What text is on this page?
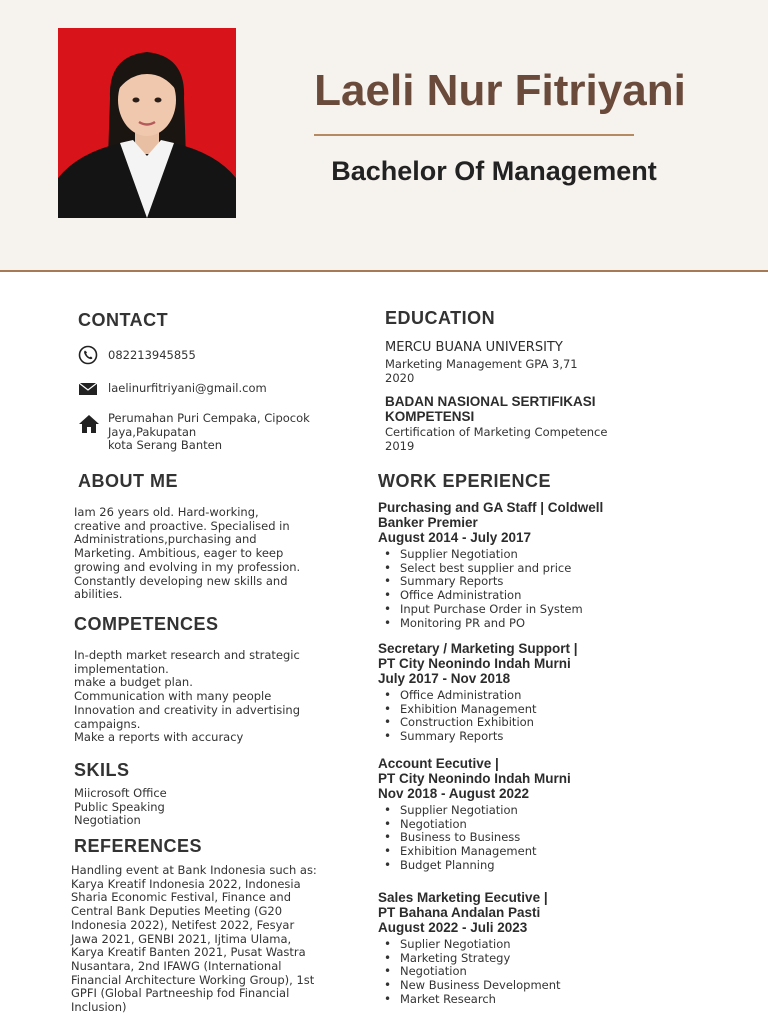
Laeli Nur Fitriyani
Bachelor Of Management
CONTACT
082213945855
laelinurfitriyani@gmail.com
Perumahan Puri Cempaka, Cipocok
Jaya,Pakupatan
kota Serang Banten
ABOUT ME
Iam 26 years old. Hard-working,
creative and proactive. Specialised in
Administrations,purchasing and
Marketing. Ambitious, eager to keep
growing and evolving in my profession.
Constantly developing new skills and
abilities.
COMPETENCES
In-depth market research and strategic
implementation.
make a budget plan.
Communication with many people
Innovation and creativity in advertising
campaigns.
Make a reports with accuracy
SKILS
Miicrosoft Office
Public Speaking
Negotiation
REFERENCES
Handling event at Bank Indonesia such as:
Karya Kreatif Indonesia 2022, Indonesia
Sharia Economic Festival, Finance and
Central Bank Deputies Meeting (G20
Indonesia 2022), Netifest 2022, Fesyar
Jawa 2021, GENBI 2021, Ijtima Ulama,
Karya Kreatif Banten 2021, Pusat Wastra
Nusantara, 2nd IFAWG (International
Financial Architecture Working Group), 1st
GPFI (Global Partneeship fod Financial
Inclusion)
EDUCATION
MERCU BUANA UNIVERSITY
Marketing Management GPA 3,71
2020
BADAN NASIONAL SERTIFIKASI
KOMPETENSI
Certification of Marketing Competence
2019
WORK EPERIENCE
Purchasing and GA Staff | Coldwell
Banker Premier
August 2014 - July 2017
• Supplier Negotiation
• Select best supplier and price
• Summary Reports
• Office Administration
• Input Purchase Order in System
• Monitoring PR and PO
Secretary / Marketing Support |
PT City Neonindo Indah Murni
July 2017 - Nov 2018
• Office Administration
• Exhibition Management
• Construction Exhibition
• Summary Reports
Account Eecutive |
PT City Neonindo Indah Murni
Nov 2018 - August 2022
• Supplier Negotiation
• Negotiation
• Business to Business
• Exhibition Management
• Budget Planning
Sales Marketing Eecutive |
PT Bahana Andalan Pasti
August 2022 - Juli 2023
• Suplier Negotiation
• Marketing Strategy
• Negotiation
• New Business Development
• Market Research
